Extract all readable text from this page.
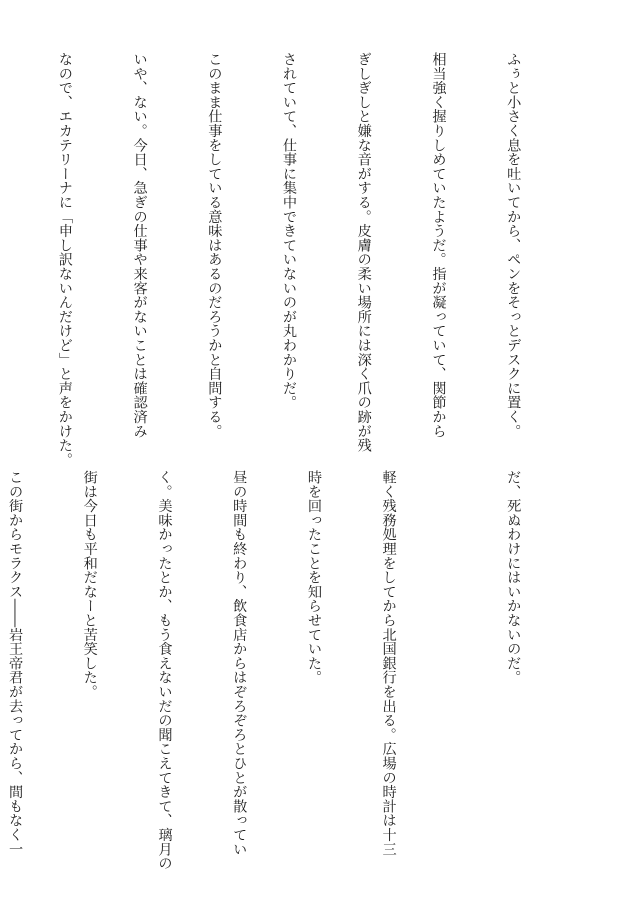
ふぅと小さく息を吐いてから、ペンをそっとデスクに置く。

相当強く握りしめていたようだ。指が凝っていて、関節から

ぎしぎしと嫌な音がする。皮膚の柔い場所には深く爪の跡が残

されていて、仕事に集中できていないのが丸わかりだ。

このまま仕事をしている意味はあるのだろうかと自問する。

いや、ない。今日、急ぎの仕事や来客がないことは確認済み

なので、エカテリーナに「申し訳ないんだけど」と声をかけた。

だ、死ぬわけにはいかないのだ。

軽く残務処理をしてから北国銀行を出る。広場の時計は十三

時を回ったことを知らせていた。

昼の時間も終わり、飲食店からはぞろぞろとひとが散ってい

く。美味かったとか、もう食えないだの聞こえてきて、璃月の

街は今日も平和だなーと苦笑した。

この街からモラクス――岩王帝君が去ってから、間もなく一
